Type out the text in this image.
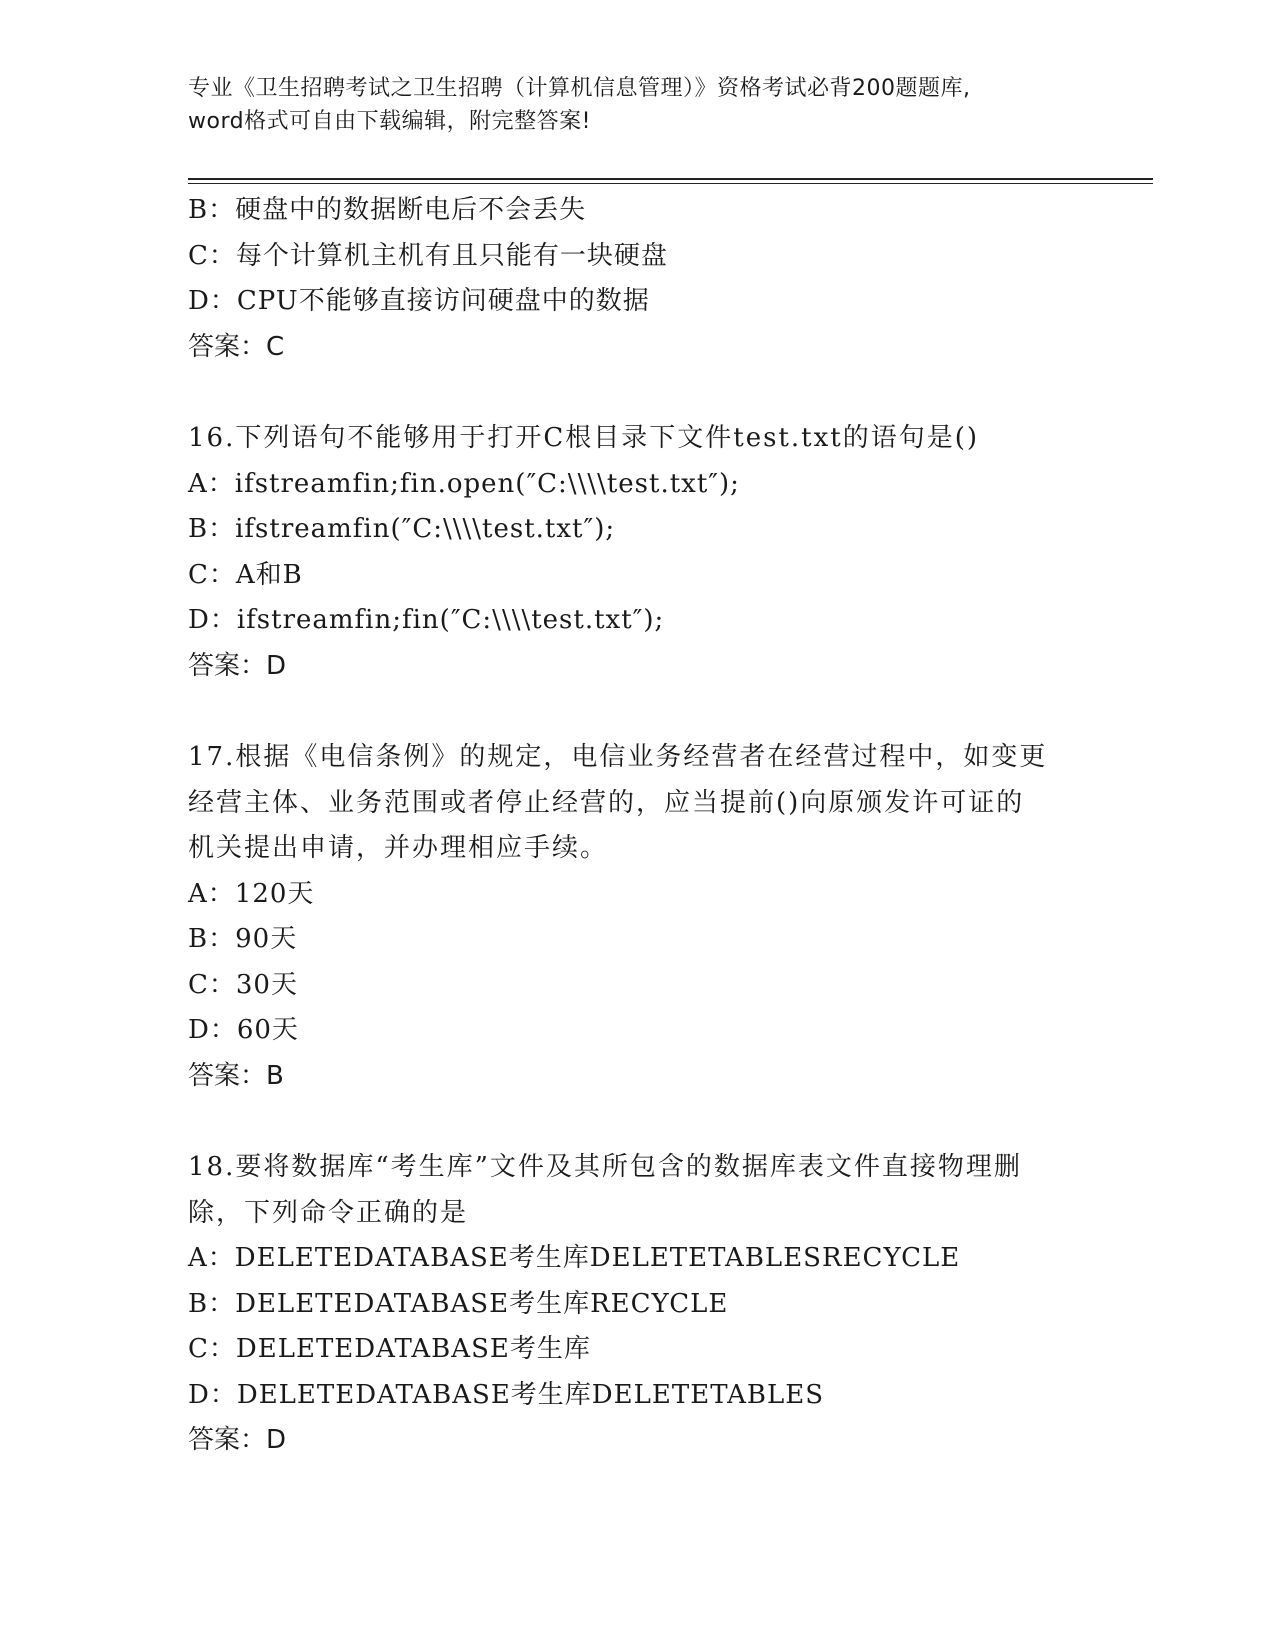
专业《卫生招聘考试之卫生招聘（计算机信息管理）》资格考试必背200题题库,
word格式可自由下载编辑，附完整答案!
B：硬盘中的数据断电后不会丢失
C：每个计算机主机有且只能有一块硬盘
D：CPU不能够直接访问硬盘中的数据
答案：C
16.下列语句不能够用于打开C根目录下文件test.txt的语句是()
A：ifstreamfin;fin.open(″C:\\\\test.txt″);
B：ifstreamfin(″C:\\\\test.txt″);
C：A和B
D：ifstreamfin;fin(″C:\\\\test.txt″);
答案：D
17.根据《电信条例》的规定，电信业务经营者在经营过程中，如变更
经营主体、业务范围或者停止经营的，应当提前()向原颁发许可证的
机关提出申请，并办理相应手续。
A：120天
B：90天
C：30天
D：60天
答案：B
18.要将数据库“考生库”文件及其所包含的数据库表文件直接物理删
除，下列命令正确的是
A：DELETEDATABASE考生库DELETETABLESRECYCLE
B：DELETEDATABASE考生库RECYCLE
C：DELETEDATABASE考生库
D：DELETEDATABASE考生库DELETETABLES
答案：D
